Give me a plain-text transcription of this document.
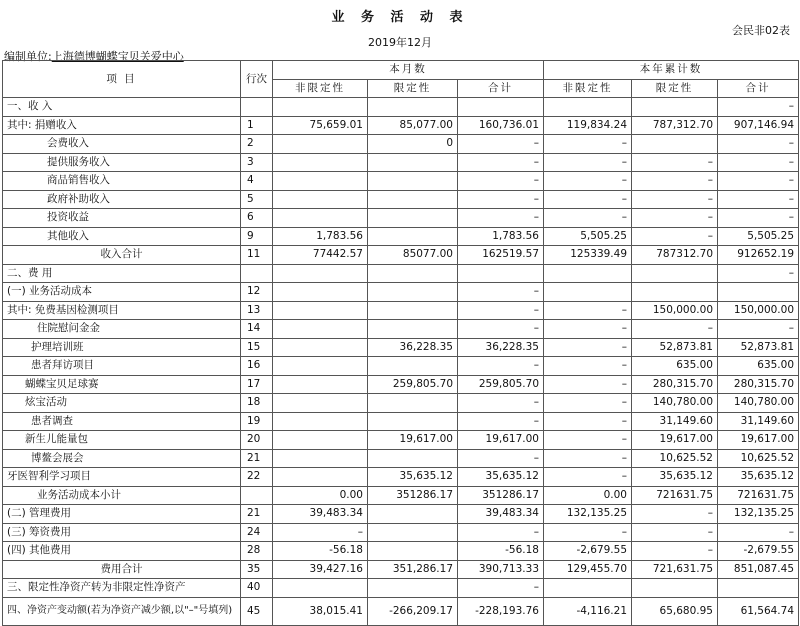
业 务 活 动 表
会民非02表
2019年12月
编制单位:上海德博蝴蝶宝贝关爱中心
项 目	行次	本月数			本年累计数		
		非限定性	限定性	合计	非限定性	限定性	合计
一、收 入							–
其中: 捐赠收入	1	75,659.01	85,077.00	160,736.01	119,834.24	787,312.70	907,146.94
会费收入	2		0	–	–		–
提供服务收入	3			–	–	–	–
商品销售收入	4			–	–	–	–
政府补助收入	5			–	–	–	–
投资收益	6			–	–	–	–
其他收入	9	1,783.56		1,783.56	5,505.25	–	5,505.25
收入合计	11	77442.57	85077.00	162519.57	125339.49	787312.70	912652.19
二、费 用							–
(一) 业务活动成本	12			–			
其中: 免费基因检测项目	13			–	–	150,000.00	150,000.00
住院慰问金金	14			–	–	–	–
护理培训班	15		36,228.35	36,228.35	–	52,873.81	52,873.81
患者拜访项目	16			–	–	635.00	635.00
蝴蝶宝贝足球赛	17		259,805.70	259,805.70	–	280,315.70	280,315.70
炫宝活动	18			–	–	140,780.00	140,780.00
患者调查	19			–	–	31,149.60	31,149.60
新生儿能量包	20		19,617.00	19,617.00	–	19,617.00	19,617.00
博鳌会展会	21			–	–	10,625.52	10,625.52
牙医智利学习项目	22		35,635.12	35,635.12	–	35,635.12	35,635.12
业务活动成本小计		0.00	351286.17	351286.17	0.00	721631.75	721631.75
(二) 管理费用	21	39,483.34		39,483.34	132,135.25	–	132,135.25
(三) 筹资费用	24	–		–	–	–	–
(四) 其他费用	28	-56.18		-56.18	-2,679.55	–	-2,679.55
费用合计	35	39,427.16	351,286.17	390,713.33	129,455.70	721,631.75	851,087.45
三、限定性净资产转为非限定性净资产	40			–			
四、净资产变动额(若为净资产减少额,以"–"号填列)	45	38,015.41	-266,209.17	-228,193.76	-4,116.21	65,680.95	61,564.74
